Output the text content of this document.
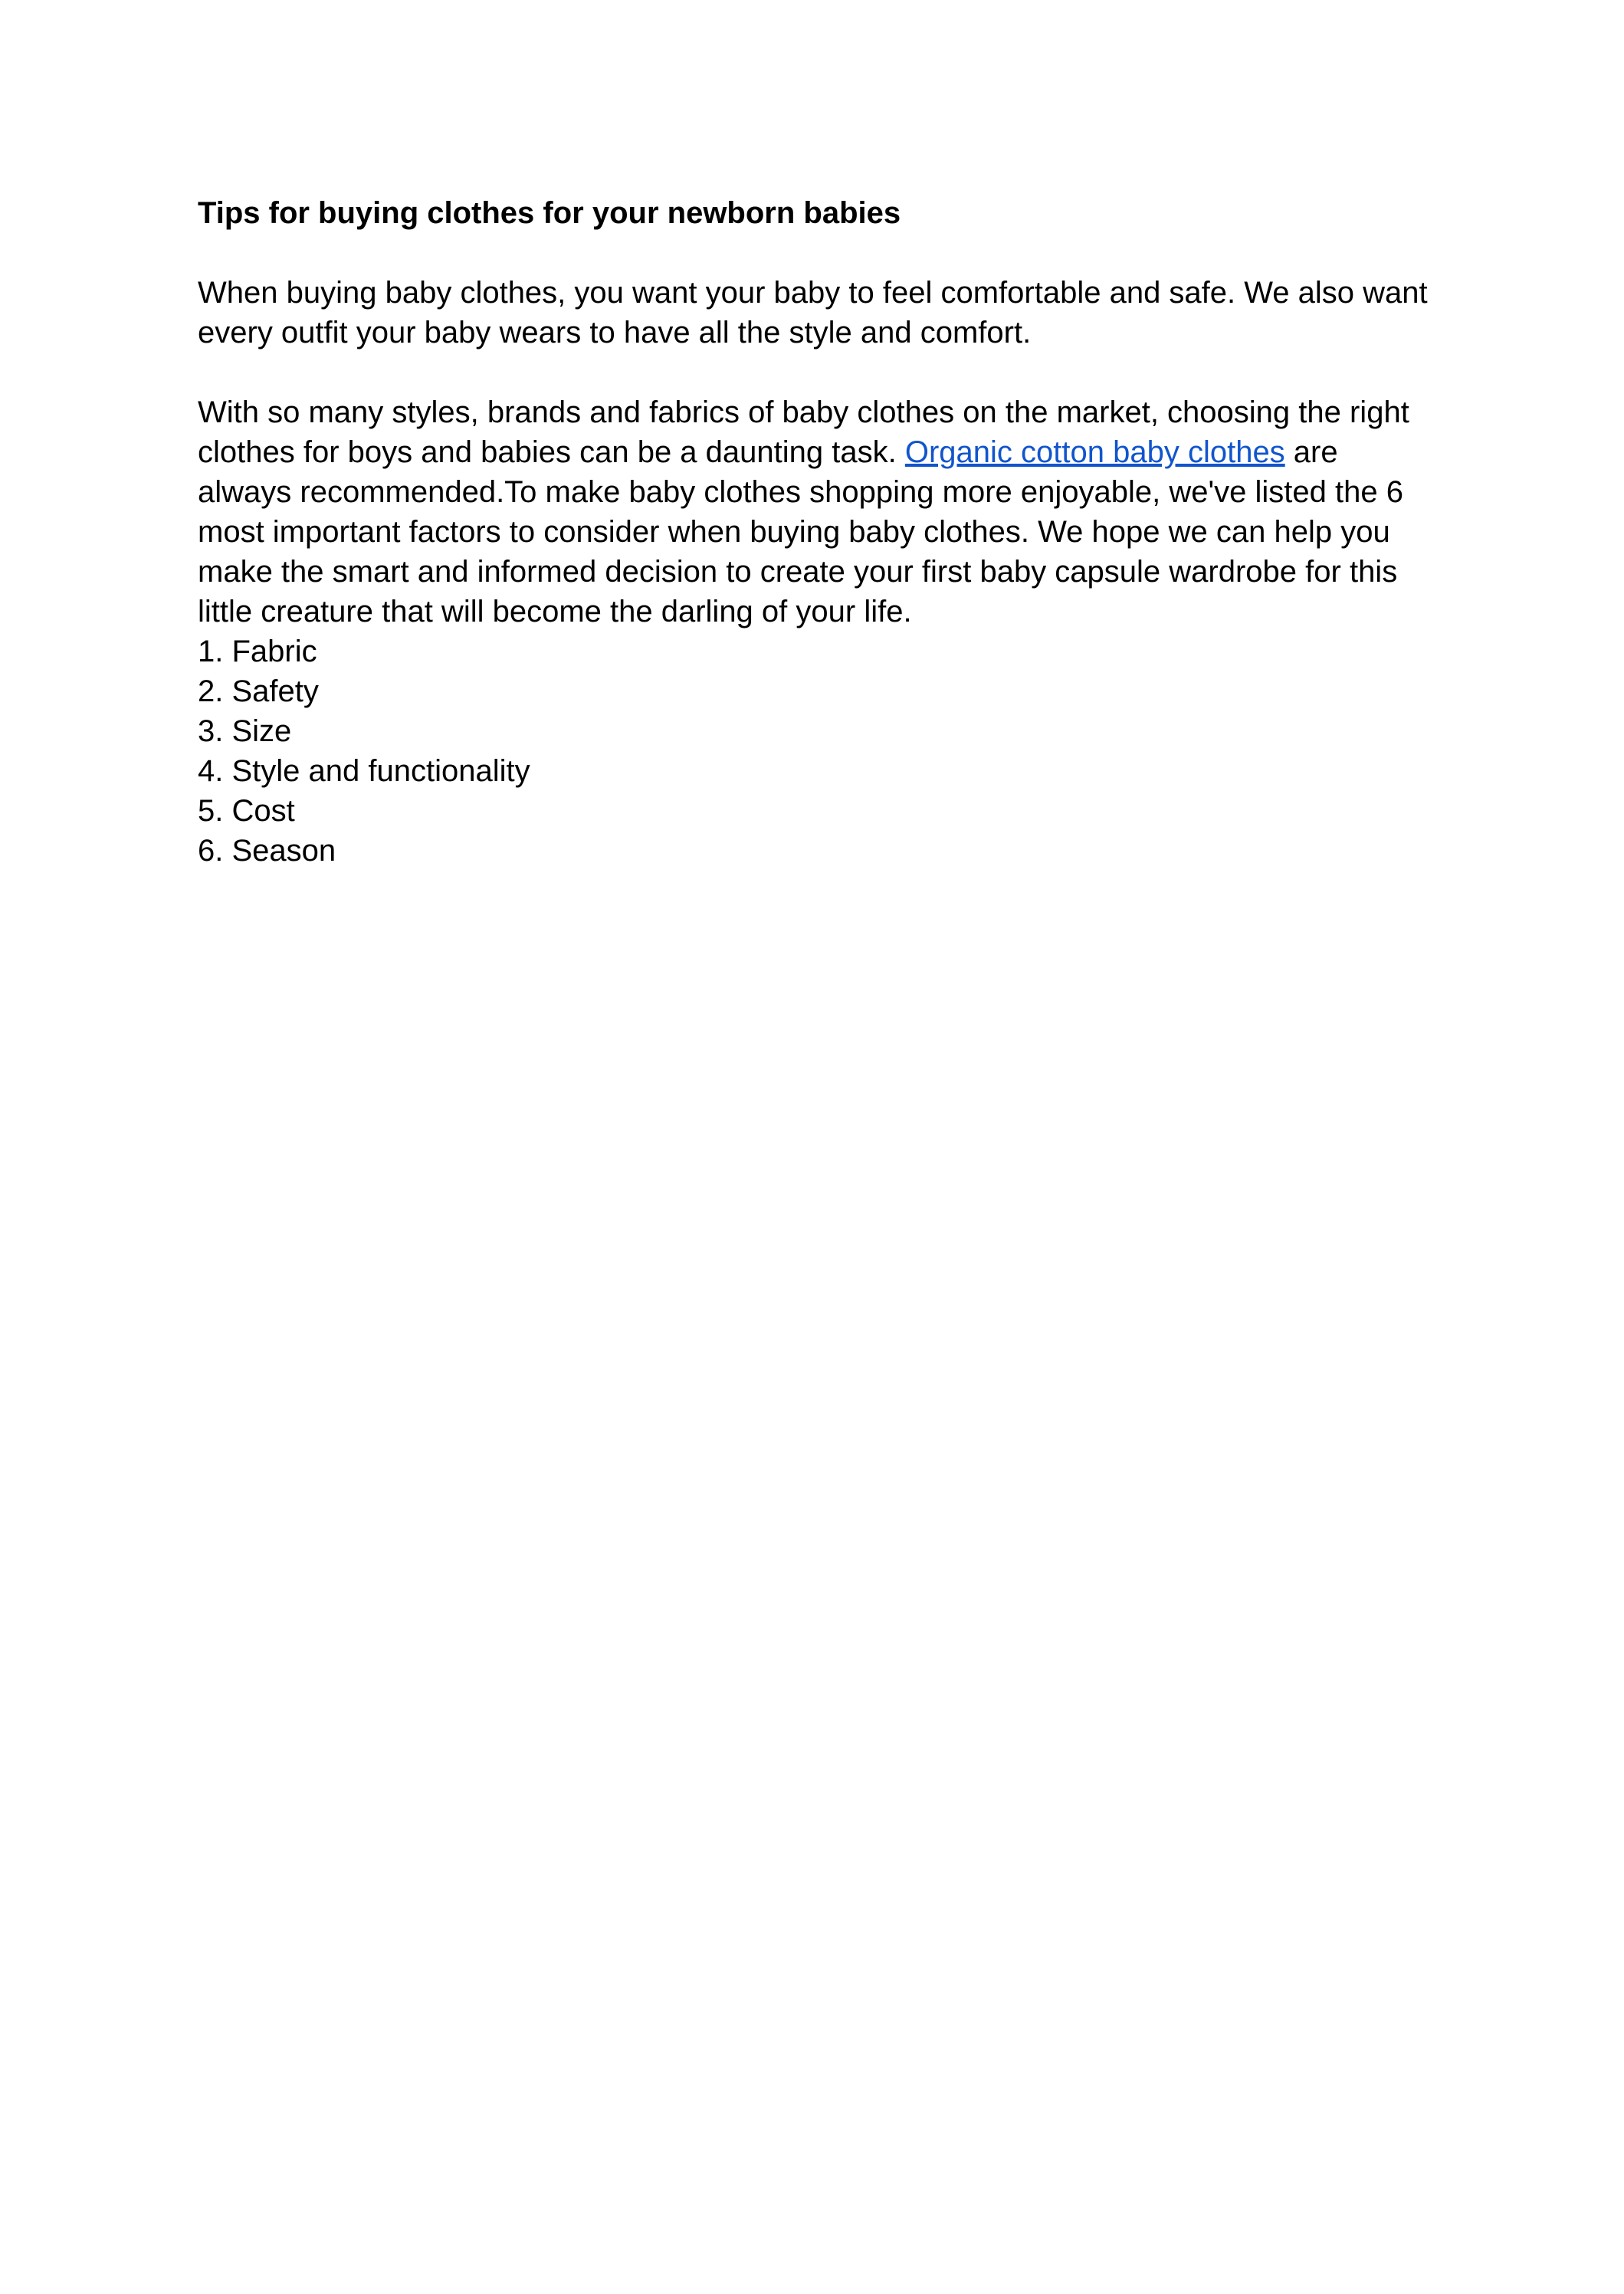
Tips for buying clothes for your newborn babies

When buying baby clothes, you want your baby to feel comfortable and safe. We also want every outfit your baby wears to have all the style and comfort.

With so many styles, brands and fabrics of baby clothes on the market, choosing the right clothes for boys and babies can be a daunting task. Organic cotton baby clothes are always recommended.To make baby clothes shopping more enjoyable, we've listed the 6 most important factors to consider when buying baby clothes. We hope we can help you make the smart and informed decision to create your first baby capsule wardrobe for this little creature that will become the darling of your life.

1. Fabric
2. Safety
3. Size
4. Style and functionality
5. Cost
6. Season
